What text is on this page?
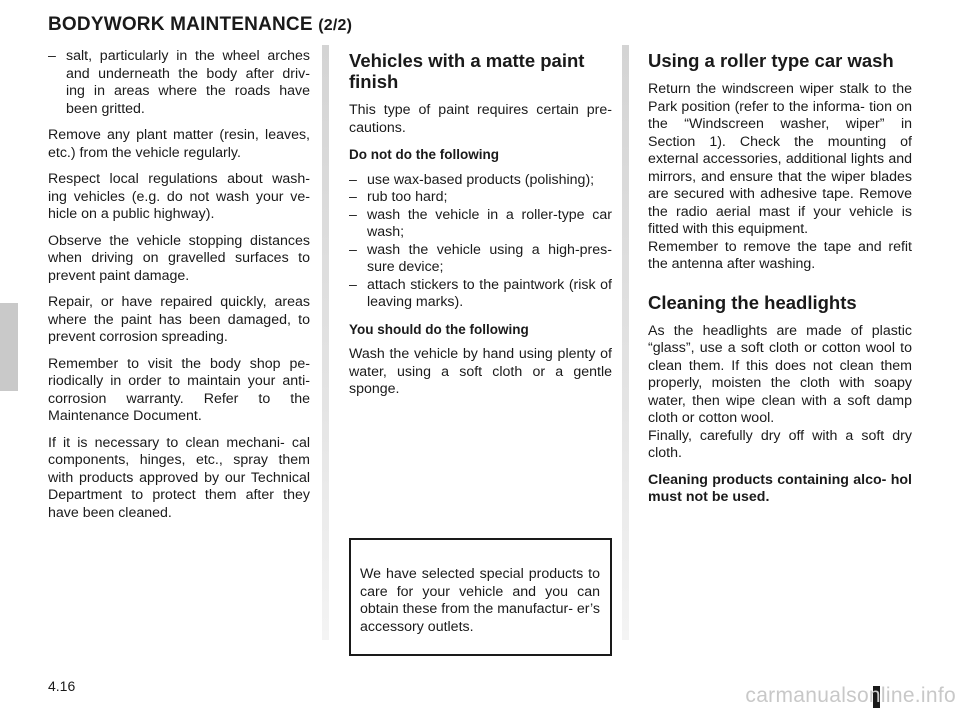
BODYWORK MAINTENANCE (2/2)
– salt, particularly in the wheel arches and underneath the body after driv- ing in areas where the roads have been gritted.

Remove any plant matter (resin, leaves, etc.) from the vehicle regularly.

Respect local regulations about wash- ing vehicles (e.g. do not wash your ve- hicle on a public highway).

Observe the vehicle stopping distances when driving on gravelled surfaces to prevent paint damage.

Repair, or have repaired quickly, areas where the paint has been damaged, to prevent corrosion spreading.

Remember to visit the body shop pe- riodically in order to maintain your anti-corrosion warranty. Refer to the Maintenance Document.

If it is necessary to clean mechani- cal components, hinges, etc., spray them with products approved by our Technical Department to protect them after they have been cleaned.

Vehicles with a matte paint finish

This type of paint requires certain pre- cautions.

Do not do the following
– use wax-based products (polishing);
– rub too hard;
– wash the vehicle in a roller-type car wash;
– wash the vehicle using a high-pres- sure device;
– attach stickers to the paintwork (risk of leaving marks).
You should do the following

Wash the vehicle by hand using plenty of water, using a soft cloth or a gentle sponge.

We have selected special products to care for your vehicle and you can obtain these from the manufactur- er’s accessory outlets.
Using a roller type car wash

Return the windscreen wiper stalk to the Park position (refer to the informa- tion on the “Windscreen washer, wiper” in Section 1). Check the mounting of external accessories, additional lights and mirrors, and ensure that the wiper blades are secured with adhesive tape. Remove the radio aerial mast if your vehicle is fitted with this equipment.

Remember to remove the tape and refit the antenna after washing.

Cleaning the headlights

As the headlights are made of plastic “glass”, use a soft cloth or cotton wool to clean them. If this does not clean them properly, moisten the cloth with soapy water, then wipe clean with a soft damp cloth or cotton wool.

Finally, carefully dry off with a soft dry cloth.

Cleaning products containing alco- hol must not be used.

4.16	carmanualsonline.info
